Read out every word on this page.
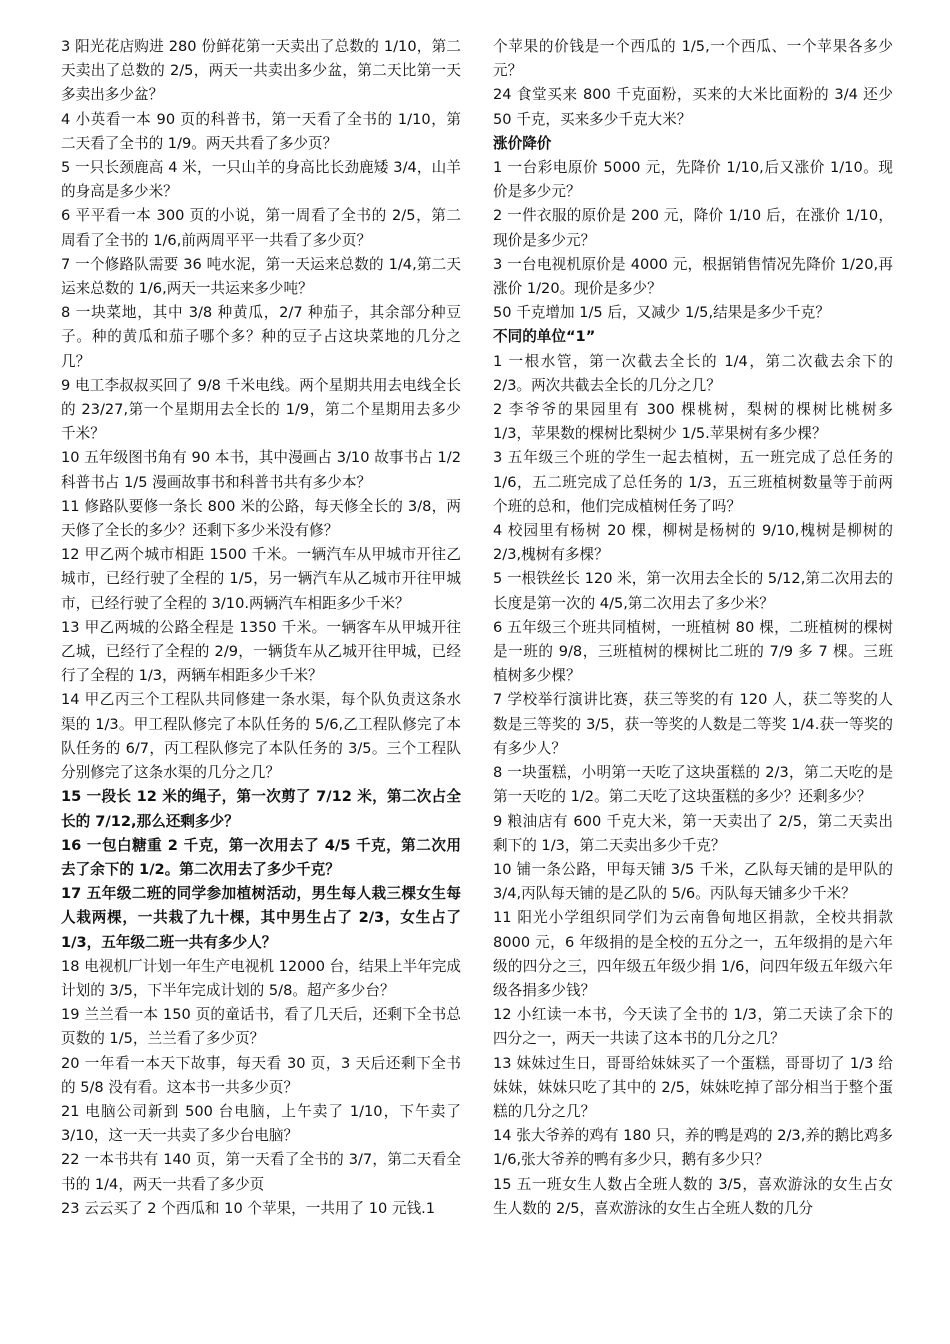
3 阳光花店购进 280 份鲜花第一天卖出了总数的 1/10，第二天卖出了总数的 2/5，两天一共卖出多少盆，第二天比第一天多卖出多少盆？

4 小英看一本 90 页的科普书，第一天看了全书的 1/10，第二天看了全书的 1/9。两天共看了多少页？

5 一只长颈鹿高 4 米，一只山羊的身高比长劲鹿矮 3/4，山羊的身高是多少米？

6 平平看一本 300 页的小说，第一周看了全书的 2/5，第二周看了全书的 1/6,前两周平平一共看了多少页？

7 一个修路队需要 36 吨水泥，第一天运来总数的 1/4,第二天运来总数的 1/6,两天一共运来多少吨？

8 一块菜地，其中 3/8 种黄瓜，2/7 种茄子，其余部分种豆子。种的黄瓜和茄子哪个多？种的豆子占这块菜地的几分之几？

9 电工李叔叔买回了 9/8 千米电线。两个星期共用去电线全长的 23/27,第一个星期用去全长的 1/9，第二个星期用去多少千米？

10 五年级图书角有 90 本书，其中漫画占 3/10 故事书占 1/2 科普书占 1/5 漫画故事书和科普书共有多少本？

11 修路队要修一条长 800 米的公路，每天修全长的 3/8，两天修了全长的多少？还剩下多少米没有修？

12 甲乙两个城市相距 1500 千米。一辆汽车从甲城市开往乙城市，已经行驶了全程的 1/5，另一辆汽车从乙城市开往甲城市，已经行驶了全程的 3/10.两辆汽车相距多少千米？

13 甲乙两城的公路全程是 1350 千米。一辆客车从甲城开往乙城，已经行了全程的 2/9，一辆货车从乙城开往甲城，已经行了全程的 1/3，两辆车相距多少千米？

14 甲乙丙三个工程队共同修建一条水渠，每个队负责这条水渠的 1/3。甲工程队修完了本队任务的 5/6,乙工程队修完了本队任务的 6/7，丙工程队修完了本队任务的 3/5。三个工程队分别修完了这条水渠的几分之几？

15 一段长 12 米的绳子，第一次剪了 7/12 米，第二次占全长的 7/12,那么还剩多少？

16 一包白糖重 2 千克，第一次用去了 4/5 千克，第二次用去了余下的 1/2。第二次用去了多少千克？

17 五年级二班的同学参加植树活动，男生每人栽三棵女生每人栽两棵，一共栽了九十棵，其中男生占了 2/3，女生占了 1/3，五年级二班一共有多少人？

18 电视机厂计划一年生产电视机 12000 台，结果上半年完成计划的 3/5，下半年完成计划的 5/8。超产多少台？

19 兰兰看一本 150 页的童话书，看了几天后，还剩下全书总页数的 1/5，兰兰看了多少页？

20 一年看一本天下故事，每天看 30 页，3 天后还剩下全书的 5/8 没有看。这本书一共多少页？

21 电脑公司新到 500 台电脑，上午卖了 1/10，下午卖了 3/10，这一天一共卖了多少台电脑？

22 一本书共有 140 页，第一天看了全书的 3/7，第二天看全书的 1/4，两天一共看了多少页

23 云云买了 2 个西瓜和 10 个苹果，一共用了 10 元钱.1

个苹果的价钱是一个西瓜的 1/5,一个西瓜、一个苹果各多少元？

24 食堂买来 800 千克面粉，买来的大米比面粉的 3/4 还少 50 千克，买来多少千克大米？

涨价降价

1 一台彩电原价 5000 元，先降价 1/10,后又涨价 1/10。现价是多少元？

2 一件衣服的原价是 200 元，降价 1/10 后，在涨价 1/10，现价是多少元？

3 一台电视机原价是 4000 元，根据销售情况先降价 1/20,再涨价 1/20。现价是多少？

50 千克增加 1/5 后，又减少 1/5,结果是多少千克？

不同的单位“1”

1 一根水管，第一次截去全长的 1/4，第二次截去余下的 2/3。两次共截去全长的几分之几？

2 李爷爷的果园里有 300 棵桃树，梨树的棵树比桃树多 1/3，苹果数的棵树比梨树少 1/5.苹果树有多少棵？

3 五年级三个班的学生一起去植树，五一班完成了总任务的 1/6，五二班完成了总任务的 1/3，五三班植树数量等于前两个班的总和，他们完成植树任务了吗？

4 校园里有杨树 20 棵，柳树是杨树的 9/10,槐树是柳树的 2/3,槐树有多棵？

5 一根铁丝长 120 米，第一次用去全长的 5/12,第二次用去的长度是第一次的 4/5,第二次用去了多少米？

6 五年级三个班共同植树，一班植树 80 棵，二班植树的棵树是一班的 9/8，三班植树的棵树比二班的 7/9 多 7 棵。三班植树多少棵？

7 学校举行演讲比赛，获三等奖的有 120 人，获二等奖的人数是三等奖的 3/5，获一等奖的人数是二等奖 1/4.获一等奖的有多少人？

8 一块蛋糕，小明第一天吃了这块蛋糕的 2/3，第二天吃的是第一天吃的 1/2。第二天吃了这块蛋糕的多少？还剩多少？

9 粮油店有 600 千克大米，第一天卖出了 2/5，第二天卖出剩下的 1/3，第二天卖出多少千克？

10 铺一条公路，甲每天铺 3/5 千米，乙队每天铺的是甲队的 3/4,丙队每天铺的是乙队的 5/6。丙队每天铺多少千米？

11 阳光小学组织同学们为云南鲁甸地区捐款，全校共捐款 8000 元，6 年级捐的是全校的五分之一，五年级捐的是六年级的四分之三，四年级五年级少捐 1/6，问四年级五年级六年级各捐多少钱？

12 小红读一本书，今天读了全书的 1/3，第二天读了余下的四分之一，两天一共读了这本书的几分之几？

13 妹妹过生日，哥哥给妹妹买了一个蛋糕，哥哥切了 1/3 给妹妹，妹妹只吃了其中的 2/5，妹妹吃掉了部分相当于整个蛋糕的几分之几？

14 张大爷养的鸡有 180 只，养的鸭是鸡的 2/3,养的鹅比鸡多 1/6,张大爷养的鸭有多少只，鹅有多少只？

15 五一班女生人数占全班人数的 3/5，喜欢游泳的女生占女生人数的 2/5，喜欢游泳的女生占全班人数的几分
